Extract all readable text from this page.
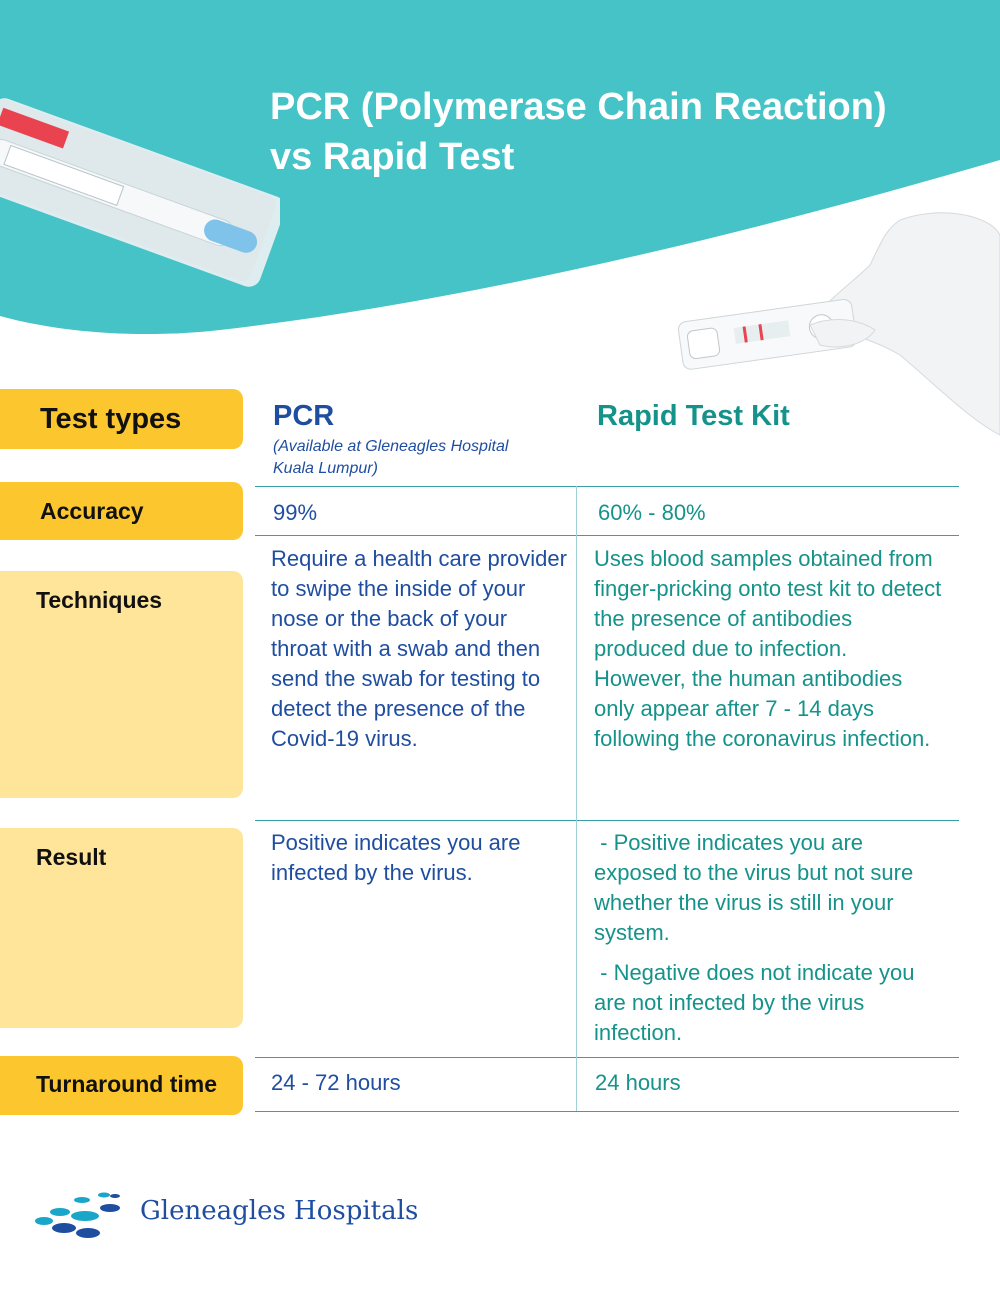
PCR (Polymerase Chain Reaction)
vs Rapid Test
Test types
Accuracy
Techniques
Result
Turnaround time
PCR
(Available at Gleneagles Hospital Kuala Lumpur)
Rapid Test Kit
99%	60% - 80%
Require a health care provider to swipe the inside of your nose or the back of your throat with a swab and then send the swab for testing to detect the presence of the Covid-19 virus.
Uses blood samples obtained from finger-pricking onto test kit to detect the presence of antibodies produced due to infection. However, the human antibodies only appear after 7 - 14 days following the coronavirus infection.
Positive indicates you are infected by the virus.

- Positive indicates you are exposed to the virus but not sure whether the virus is still in your system.

- Negative does not indicate you are not infected by the virus infection.

24 - 72 hours	24 hours
Gleneagles Hospitals
